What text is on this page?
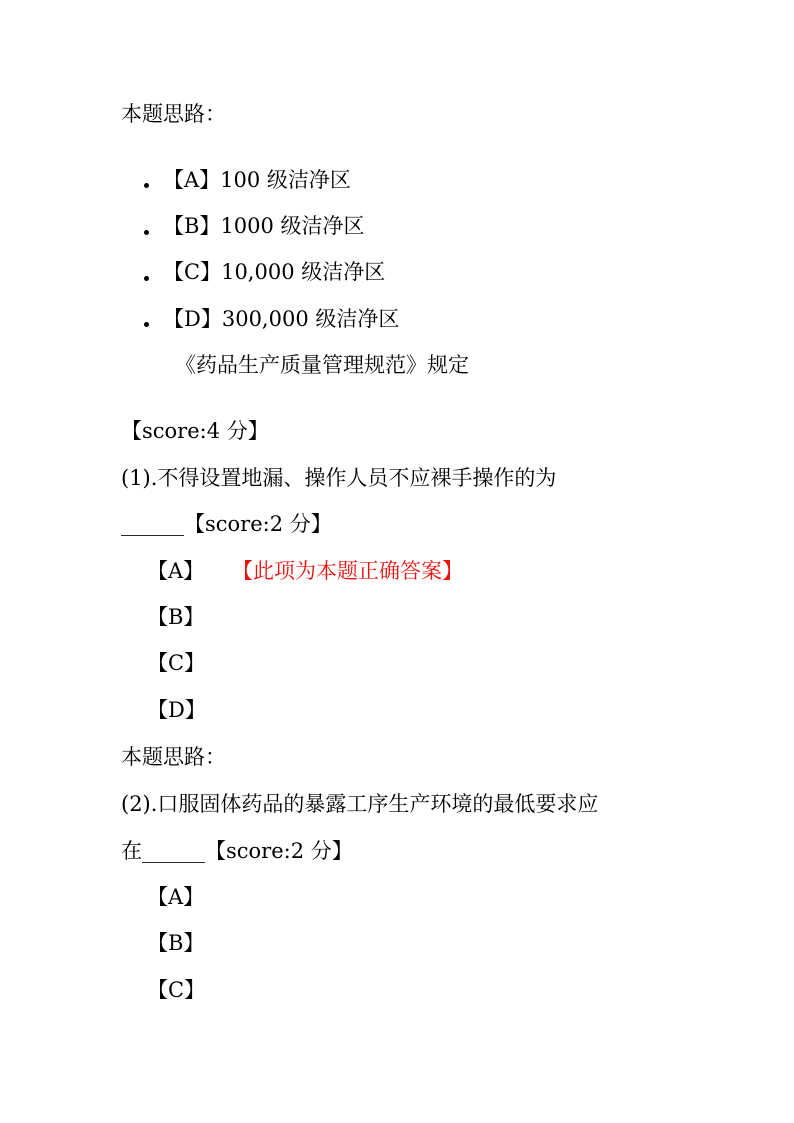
本题思路：
【A】100 级洁净区
【B】1000 级洁净区
【C】10,000 级洁净区
【D】300,000 级洁净区
《药品生产质量管理规范》规定
【score:4 分】
(1).不得设置地漏、操作人员不应裸手操作的为
______【score:2 分】
【A】 【此项为本题正确答案】
【B】
【C】
【D】
本题思路：
(2).口服固体药品的暴露工序生产环境的最低要求应
在______【score:2 分】
【A】
【B】
【C】
